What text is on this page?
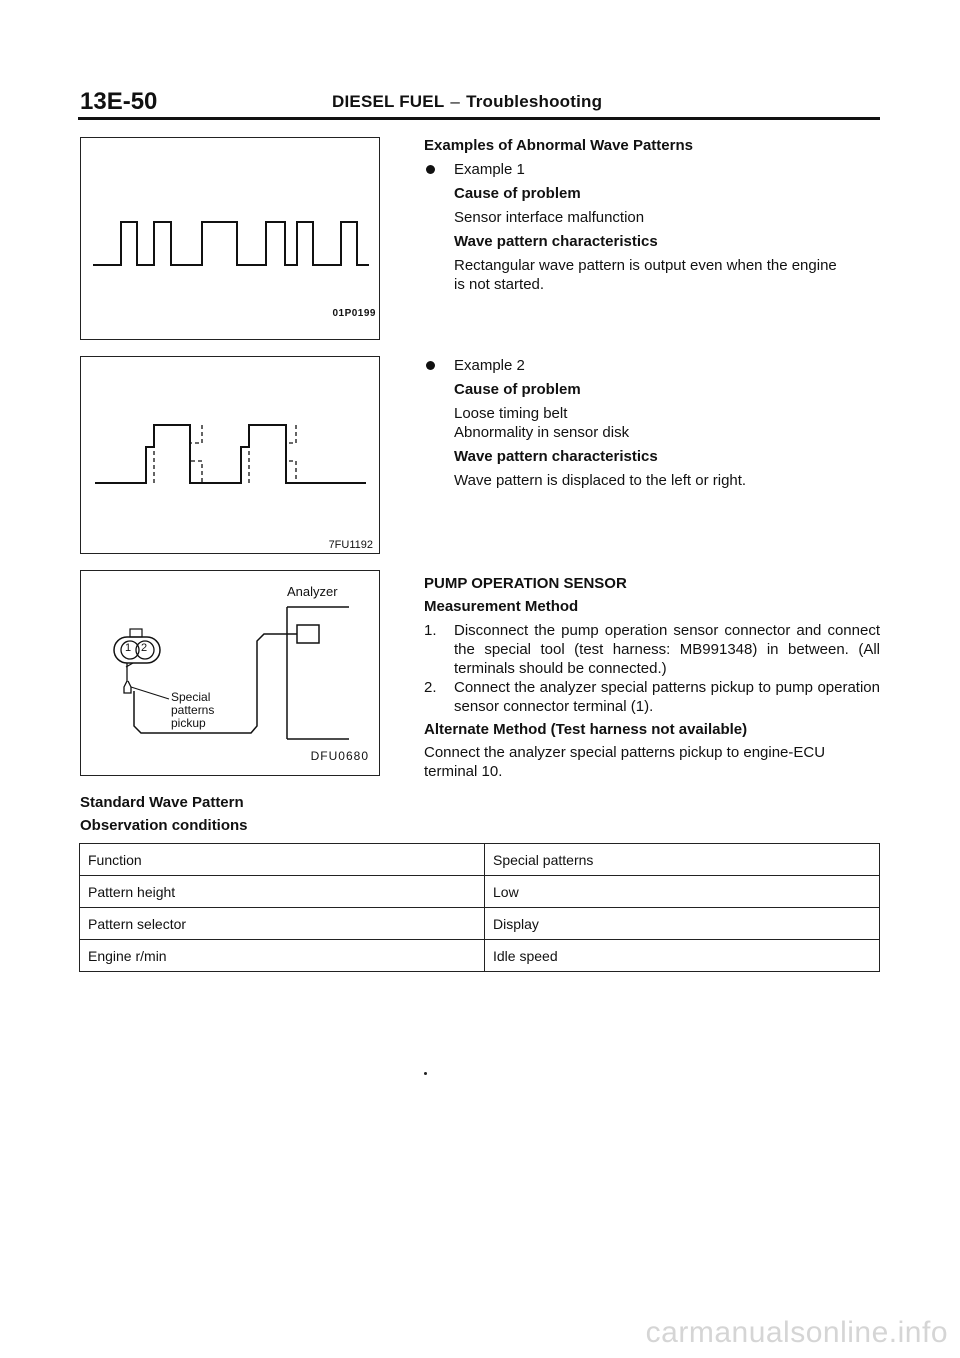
13E-50	DIESEL FUEL – Troubleshooting
01P0199
7FU1192
Analyzer
1 2
Special
patterns
pickup
DFU0680

Examples of Abnormal Wave Patterns

Example 1

Cause of problem

Sensor interface malfunction

Wave pattern characteristics

Rectangular wave pattern is output even when the engine

is not started.

Example 2

Cause of problem

Loose timing belt

Abnormality in sensor disk

Wave pattern characteristics

Wave pattern is displaced to the left or right.

PUMP OPERATION SENSOR

Measurement Method

1. Disconnect the pump operation sensor connector and connect the special tool (test harness: MB991348) in between. (All terminals should be connected.)
2. Connect the analyzer special patterns pickup to pump operation sensor connector terminal (1).

Alternate Method (Test harness not available)

Connect the analyzer special patterns pickup to engine-ECU terminal 10.

Standard Wave Pattern
Observation conditions
Function	Special patterns
Pattern height	Low
Pattern selector	Display
Engine r/min	Idle speed
carmanualsonline.info
